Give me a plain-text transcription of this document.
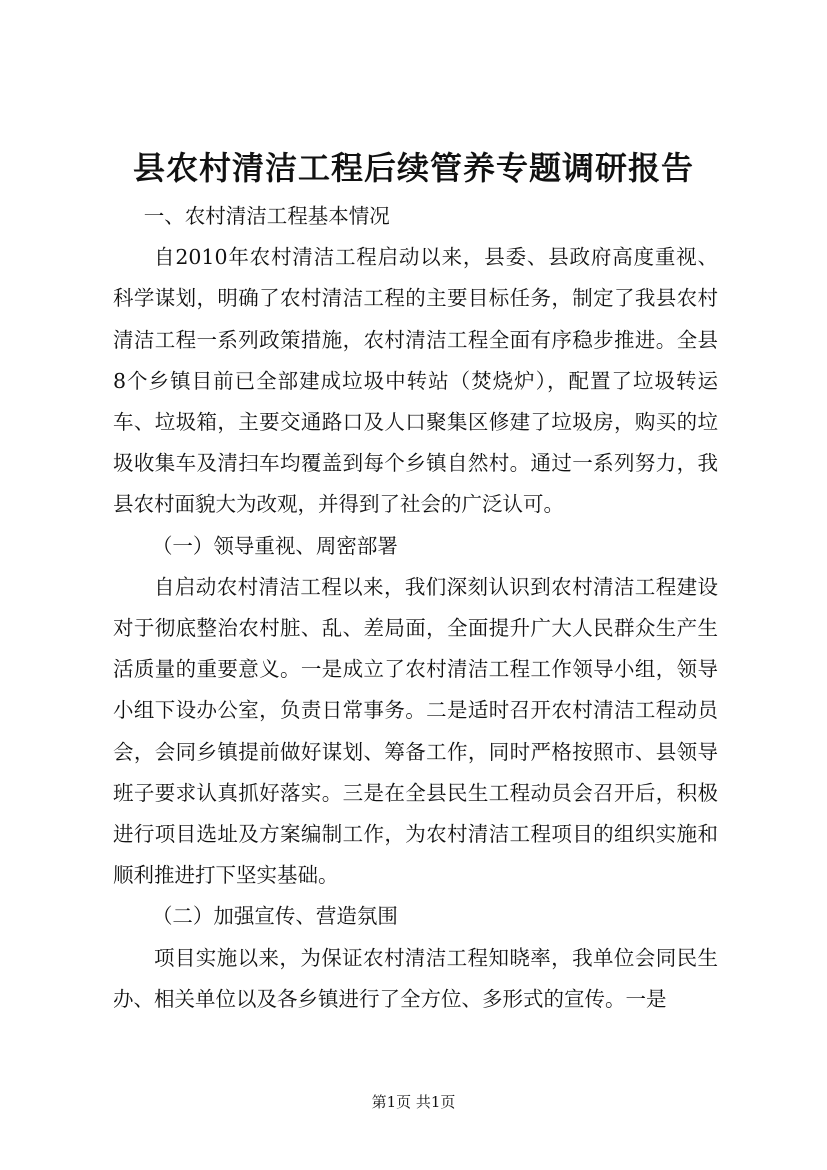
县农村清洁工程后续管养专题调研报告

一、农村清洁工程基本情况

自2010年农村清洁工程启动以来，县委、县政府高度重视、科学谋划，明确了农村清洁工程的主要目标任务，制定了我县农村清洁工程一系列政策措施，农村清洁工程全面有序稳步推进。全县8个乡镇目前已全部建成垃圾中转站（焚烧炉），配置了垃圾转运车、垃圾箱，主要交通路口及人口聚集区修建了垃圾房，购买的垃圾收集车及清扫车均覆盖到每个乡镇自然村。通过一系列努力，我县农村面貌大为改观，并得到了社会的广泛认可。

（一）领导重视、周密部署

自启动农村清洁工程以来，我们深刻认识到农村清洁工程建设对于彻底整治农村脏、乱、差局面，全面提升广大人民群众生产生活质量的重要意义。一是成立了农村清洁工程工作领导小组，领导小组下设办公室，负责日常事务。二是适时召开农村清洁工程动员会，会同乡镇提前做好谋划、筹备工作，同时严格按照市、县领导班子要求认真抓好落实。三是在全县民生工程动员会召开后，积极进行项目选址及方案编制工作，为农村清洁工程项目的组织实施和顺利推进打下坚实基础。

（二）加强宣传、营造氛围

项目实施以来，为保证农村清洁工程知晓率，我单位会同民生办、相关单位以及各乡镇进行了全方位、多形式的宣传。一是

第1页 共1页
